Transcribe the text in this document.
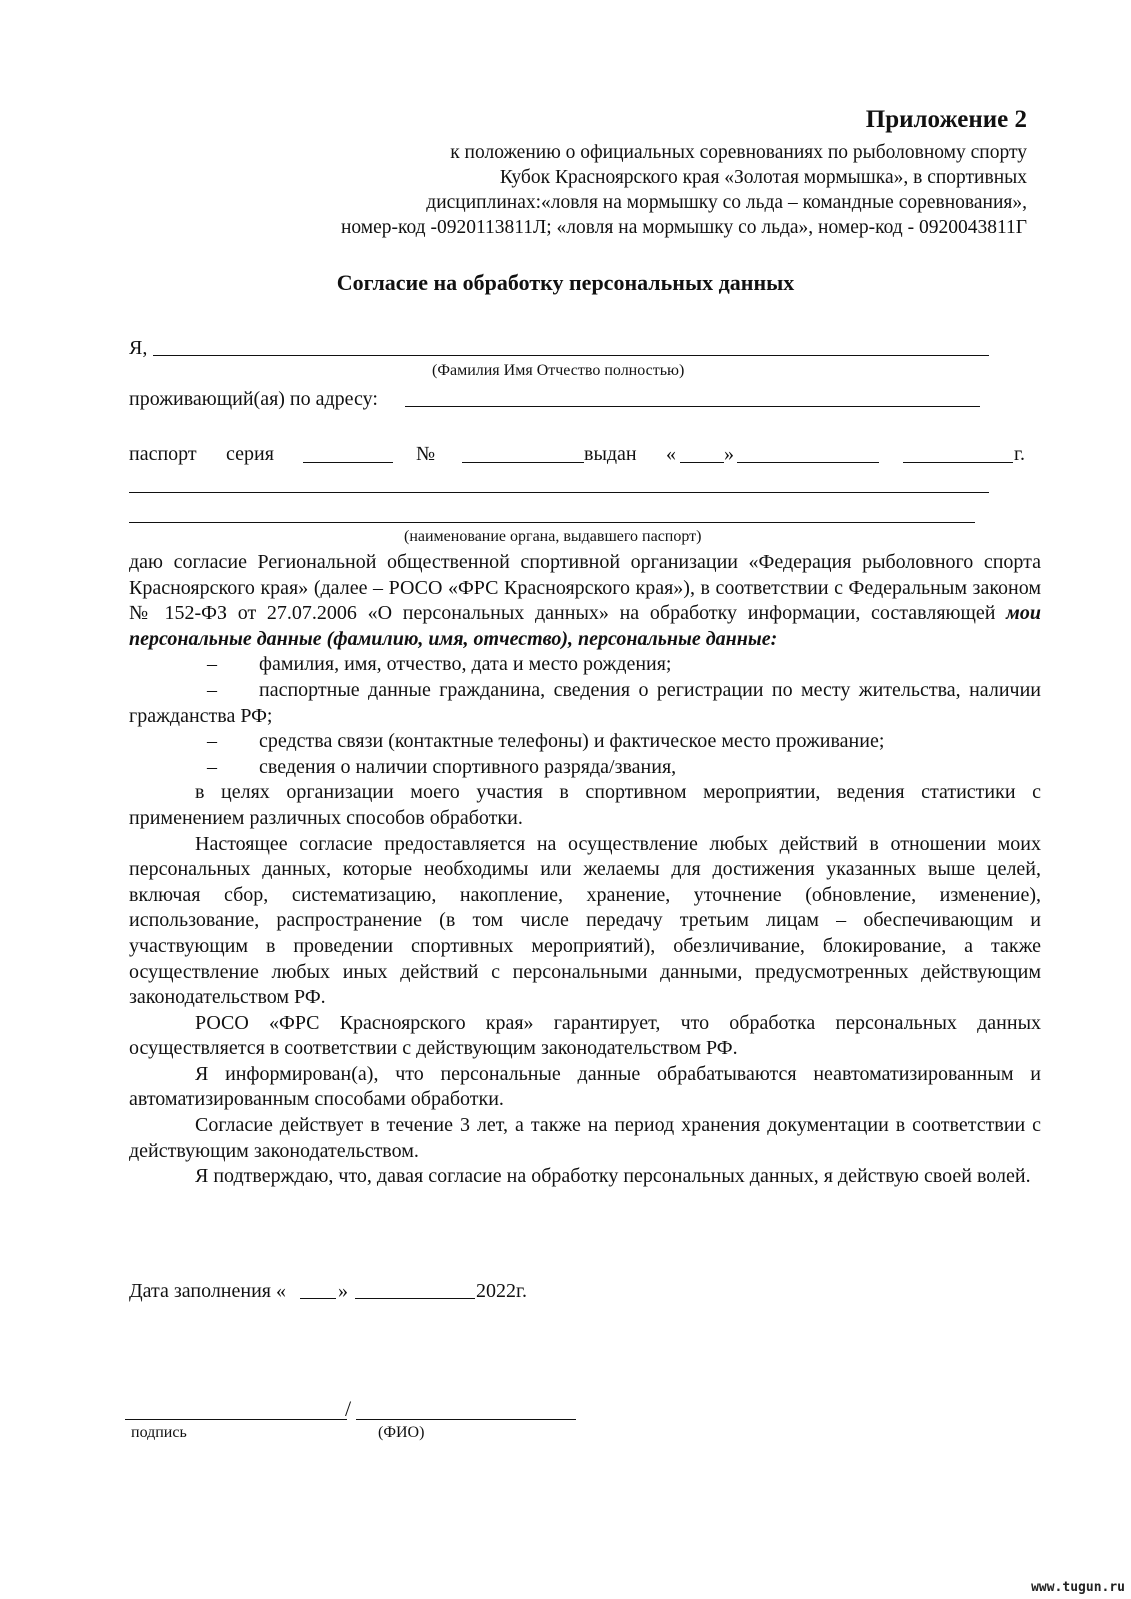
Приложение 2
к положению о официальных соревнованиях по рыболовному спорту
Кубок Красноярского края «Золотая мормышка», в спортивных
дисциплинах:«ловля на мормышку со льда – командные соревнования»,
номер-код -0920113811Л; «ловля на мормышку со льда», номер-код - 0920043811Г
Согласие на обработку персональных данных
Я,
(Фамилия Имя Отчество полностью)
проживающий(ая) по адресу:
паспорт серия	№	выдан « »	г.
(наименование органа, выдавшего паспорт)

даю согласие Региональной общественной спортивной организации «Федерация рыболовного спорта Красноярского края» (далее – РОСО «ФРС Красноярского края»), в соответствии с Федеральным законом № 152-ФЗ от 27.07.2006 «О персональных данных» на обработку информации, составляющей мои персональные данные (фамилию, имя, отчество), персональные данные:

–	фамилия, имя, отчество, дата и место рождения;
– паспортные данные гражданина, сведения о регистрации по месту жительства, наличии гражданства РФ;
–	средства связи (контактные телефоны) и фактическое место проживание;
–	сведения о наличии спортивного разряда/звания,

в целях организации моего участия в спортивном мероприятии, ведения статистики с применением различных способов обработки.

Настоящее согласие предоставляется на осуществление любых действий в отношении моих персональных данных, которые необходимы или желаемы для достижения указанных выше целей, включая сбор, систематизацию, накопление, хранение, уточнение (обновление, изменение), использование, распространение (в том числе передачу третьим лицам – обеспечивающим и участвующим в проведении спортивных мероприятий), обезличивание, блокирование, а также осуществление любых иных действий с персональными данными, предусмотренных действующим законодательством РФ.

РОСО «ФРС Красноярского края» гарантирует, что обработка персональных данных осуществляется в соответствии с действующим законодательством РФ.

Я информирован(а), что персональные данные обрабатываются неавтоматизированным и автоматизированным способами обработки.

Согласие действует в течение 3 лет, а также на период хранения документации в соответствии с действующим законодательством.

Я подтверждаю, что, давая согласие на обработку персональных данных, я действую своей волей.

Дата заполнения «	»	2022г.
/
подпись	(ФИО)
www.tugun.ru
